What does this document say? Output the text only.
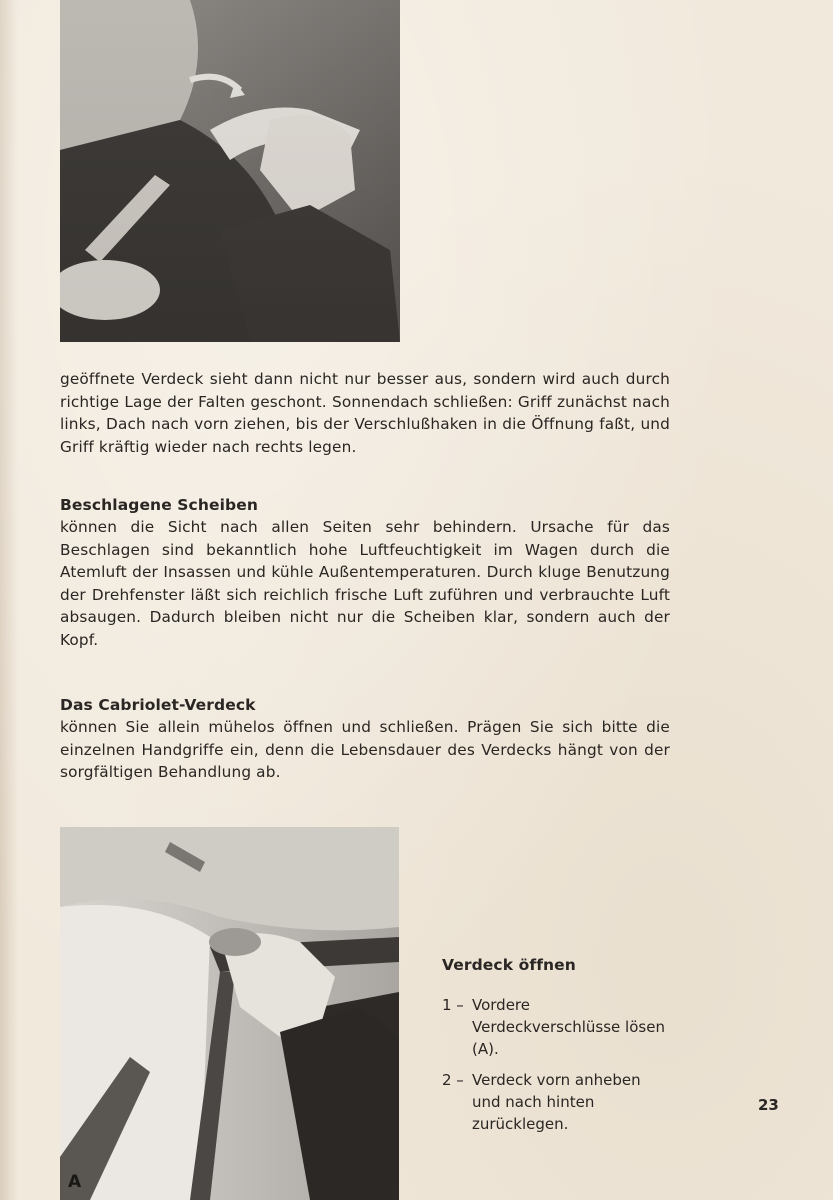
geöffnete Verdeck sieht dann nicht nur besser aus, sondern wird auch durch richtige Lage der Falten geschont. Sonnendach schließen: Griff zunächst nach links, Dach nach vorn ziehen, bis der Verschlußhaken in die Öffnung faßt, und Griff kräftig wieder nach rechts legen.

Beschlagene Scheiben

können die Sicht nach allen Seiten sehr behindern. Ursache für das Beschlagen sind bekanntlich hohe Luftfeuchtigkeit im Wagen durch die Atemluft der Insassen und kühle Außentemperaturen. Durch kluge Benutzung der Drehfenster läßt sich reichlich frische Luft zuführen und verbrauchte Luft absaugen. Dadurch bleiben nicht nur die Scheiben klar, sondern auch der Kopf.

Das Cabriolet-Verdeck

können Sie allein mühelos öffnen und schließen. Prägen Sie sich bitte die einzelnen Handgriffe ein, denn die Lebensdauer des Verdecks hängt von der sorgfältigen Behandlung ab.

A

Verdeck öffnen

1 – Vordere Verdeckverschlüsse lösen (A).
2 – Verdeck vorn anheben und nach hinten zurücklegen.
23
